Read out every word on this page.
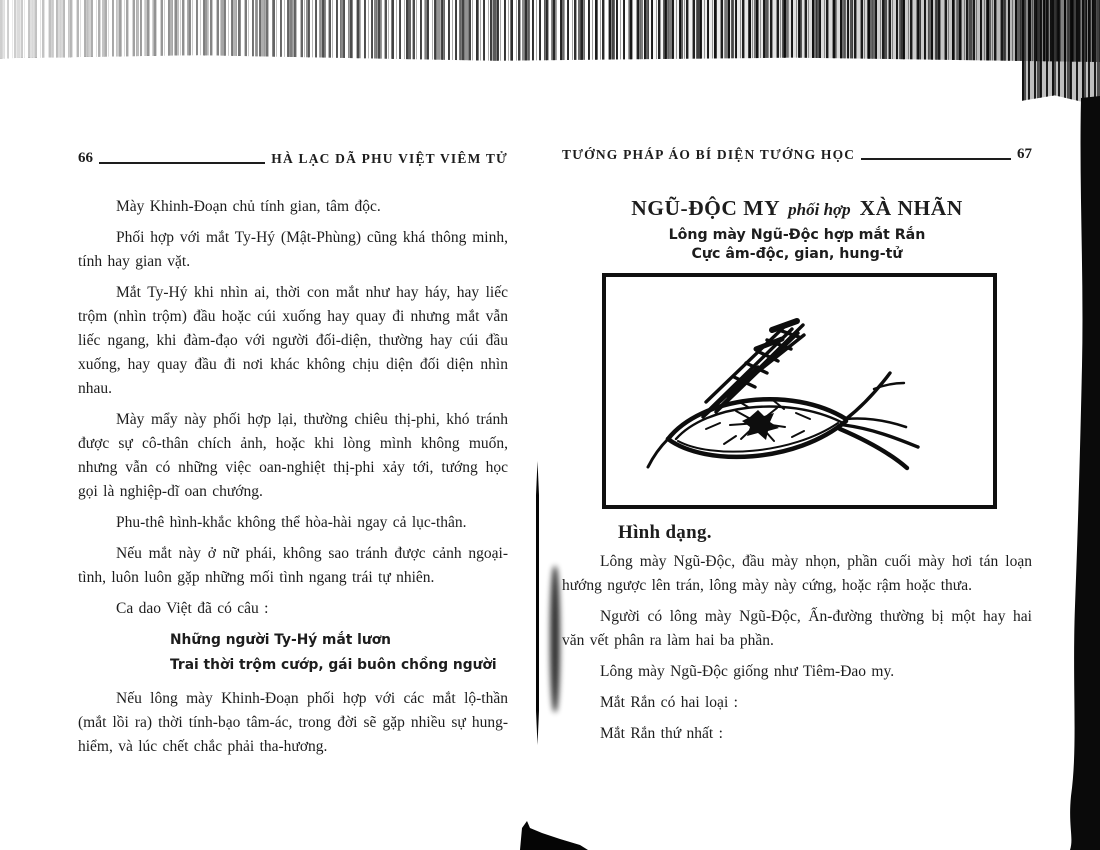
66	HÀ LẠC DÃ PHU VIỆT VIÊM TỬ

Mày Khinh-Đoạn chủ tính gian, tâm độc.

Phối hợp với mắt Ty-Hý (Mật-Phùng) cũng khá thông minh, tính hay gian vặt.

Mắt Ty-Hý khi nhìn ai, thời con mắt như hay háy, hay liếc trộm (nhìn trộm) đầu hoặc cúi xuống hay quay đi nhưng mắt vẫn liếc ngang, khi đàm-đạo với người đối-diện, thường hay cúi đầu xuống, hay quay đầu đi nơi khác không chịu diện đối diện nhìn nhau.

Mày mẩy này phối hợp lại, thường chiêu thị-phi, khó tránh được sự cô-thân chích ảnh, hoặc khi lòng mình không muốn, nhưng vẫn có những việc oan-nghiệt thị-phi xảy tới, tướng học gọi là nghiệp-dĩ oan chướng.

Phu-thê hình-khắc không thể hòa-hài ngay cả lục-thân.

Nếu mắt này ở nữ phái, không sao tránh được cảnh ngoại-tình, luôn luôn gặp những mối tình ngang trái tự nhiên.

Ca dao Việt đã có câu :

Những người Ty-Hý mắt lươn
Trai thời trộm cướp, gái buôn chồng người

Nếu lông mày Khinh-Đoạn phối hợp với các mắt lộ-thần (mắt lồi ra) thời tính-bạo tâm-ác, trong đời sẽ gặp nhiều sự hung-hiểm, và lúc chết chắc phải tha-hương.

TƯỚNG PHÁP ÁO BÍ DIỆN TƯỚNG HỌC	67
NGŨ-ĐỘC MY phối hợp XÀ NHÃN
Lông mày Ngũ-Độc hợp mắt Rắn
Cực âm-độc, gian, hung-tử
Hình dạng.

Lông mày Ngũ-Độc, đầu mày nhọn, phần cuối mày hơi tán loạn hướng ngược lên trán, lông mày này cứng, hoặc rậm hoặc thưa.

Người có lông mày Ngũ-Độc, Ấn-đường thường bị một hay hai văn vết phân ra làm hai ba phần.

Lông mày Ngũ-Độc giống như Tiêm-Đao my.

Mắt Rắn có hai loại :

Mắt Rắn thứ nhất :
